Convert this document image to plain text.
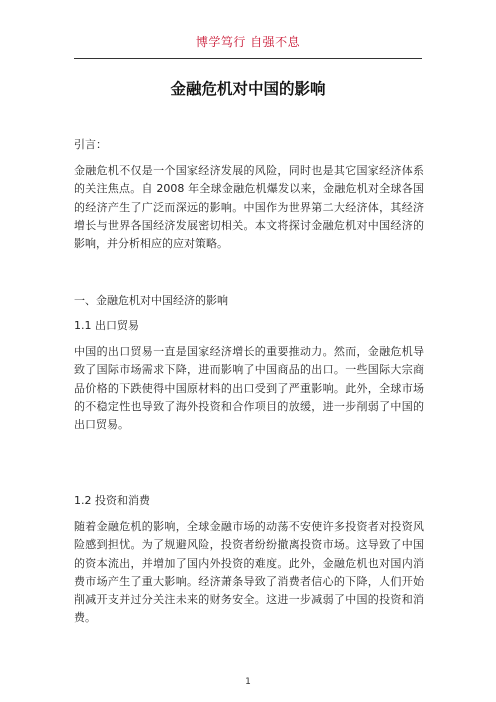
博学笃行 自强不息
金融危机对中国的影响

引言：

金融危机不仅是一个国家经济发展的风险，同时也是其它国家经济体系的关注焦点。自 2008 年全球金融危机爆发以来，金融危机对全球各国的经济产生了广泛而深远的影响。中国作为世界第二大经济体，其经济增长与世界各国经济发展密切相关。本文将探讨金融危机对中国经济的影响，并分析相应的应对策略。

一、金融危机对中国经济的影响

1.1 出口贸易

中国的出口贸易一直是国家经济增长的重要推动力。然而，金融危机导致了国际市场需求下降，进而影响了中国商品的出口。一些国际大宗商品价格的下跌使得中国原材料的出口受到了严重影响。此外，全球市场的不稳定性也导致了海外投资和合作项目的放缓，进一步削弱了中国的出口贸易。

1.2 投资和消费

随着金融危机的影响，全球金融市场的动荡不安使许多投资者对投资风险感到担忧。为了规避风险，投资者纷纷撤离投资市场。这导致了中国的资本流出，并增加了国内外投资的难度。此外，金融危机也对国内消费市场产生了重大影响。经济萧条导致了消费者信心的下降，人们开始削减开支并过分关注未来的财务安全。这进一步减弱了中国的投资和消费。

1
